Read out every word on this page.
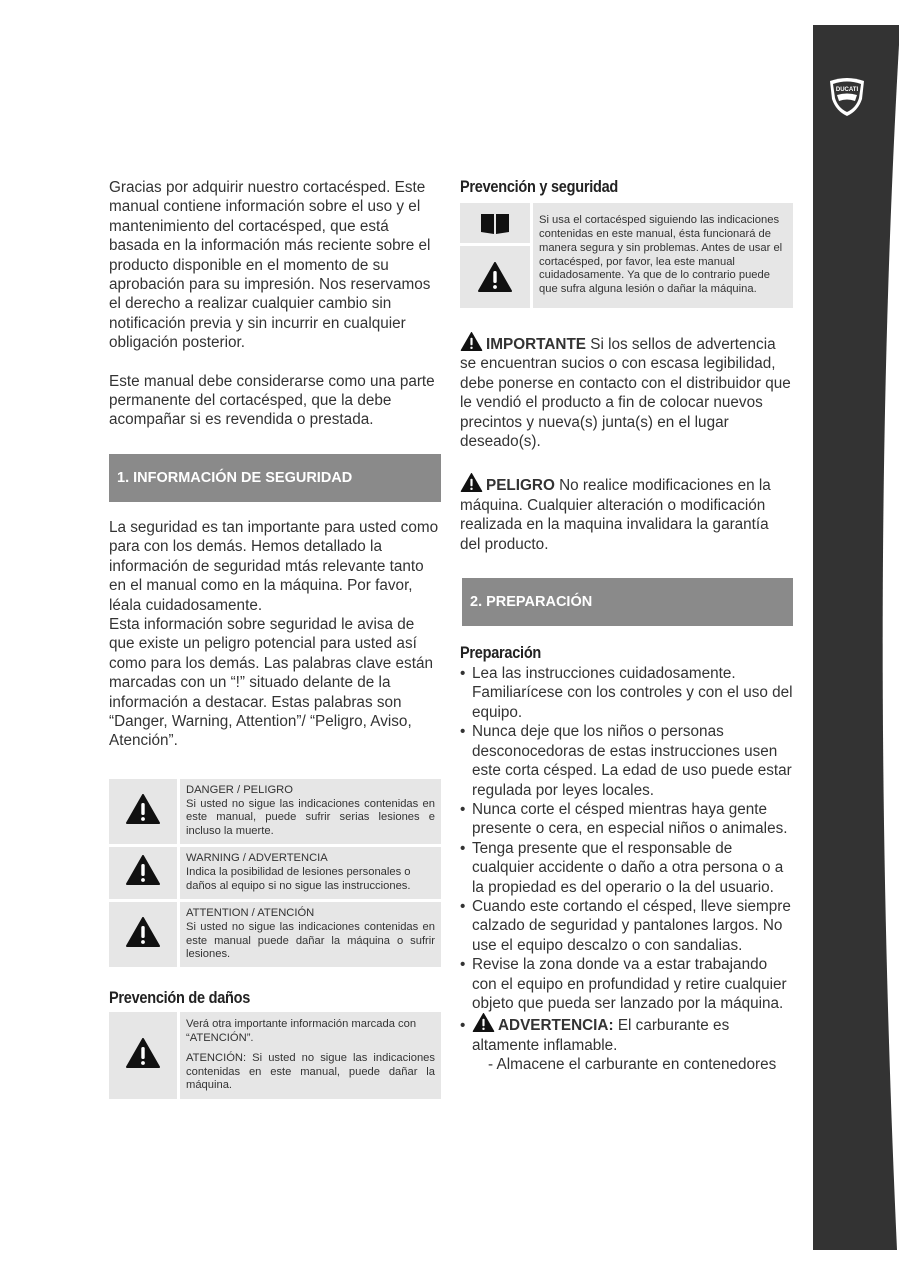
DUCATI

Gracias por adquirir nuestro cortacésped. Este manual contiene información sobre el uso y el mantenimiento del cortacésped, que está basada en la información más reciente sobre el producto disponible en el momento de su aprobación para su impresión. Nos reservamos el derecho a realizar cualquier cambio sin notificación previa y sin incurrir en cualquier obligación posterior.

Este manual debe considerarse como una parte permanente del cortacésped, que la debe acompañar si es revendida o prestada.

1. INFORMACIÓN DE SEGURIDAD

La seguridad es tan importante para usted como para con los demás. Hemos detallado la información de seguridad mtás relevante tanto en el manual como en la máquina. Por favor, léala cuidadosamente.

Esta información sobre seguridad le avisa de que existe un peligro potencial para usted así como para los demás. Las palabras clave están marcadas con un “!” situado delante de la información a destacar. Estas palabras son “Danger, Warning, Attention”/ “Peligro, Aviso, Atención”.

DANGER / PELIGRO
Si usted no sigue las indicaciones contenidas en este manual, puede sufrir serias lesiones e incluso la muerte.

WARNING / ADVERTENCIA
Indica la posibilidad de lesiones personales o daños al equipo si no sigue las instrucciones.

ATTENTION / ATENCIÓN
Si usted no sigue las indicaciones contenidas en este manual puede dañar la máquina o sufrir lesiones.
Prevención de daños

Verá otra importante información marcada con “ATENCIÓN”.
ATENCIÓN: Si usted no sigue las indicaciones contenidas en este manual, puede dañar la máquina.
Prevención y seguridad

Si usa el cortacésped siguiendo las indicaciones contenidas en este manual, ésta funcionará de manera segura y sin problemas. Antes de usar el cortacésped, por favor, lea este manual cuidadosamente. Ya que de lo contrario puede que sufra alguna lesión o dañar la máquina.

IMPORTANTE Si los sellos de advertencia se encuentran sucios o con escasa legibilidad, debe ponerse en contacto con el distribuidor que le vendió el producto a fin de colocar nuevos precintos y nueva(s) junta(s) en el lugar deseado(s).

PELIGRO No realice modificaciones en la máquina. Cualquier alteración o modificación realizada en la maquina invalidara la garantía del producto.

2. PREPARACIÓN
Preparación
• Lea las instrucciones cuidadosamente. Familiarícese con los controles y con el uso del equipo.
• Nunca deje que los niños o personas desconocedoras de estas instrucciones usen este corta césped. La edad de uso puede estar regulada por leyes locales.
• Nunca corte el césped mientras haya gente presente o cera, en especial niños o animales.
• Tenga presente que el responsable de cualquier accidente o daño a otra persona o a la propiedad es del operario o la del usuario.
• Cuando este cortando el césped, lleve siempre calzado de seguridad y pantalones largos. No use el equipo descalzo o con sandalias.
• Revise la zona donde va a estar trabajando con el equipo en profundidad y retire cualquier objeto que pueda ser lanzado por la máquina.
• ADVERTENCIA: El carburante es altamente inflamable.
- Almacene el carburante en contenedores
